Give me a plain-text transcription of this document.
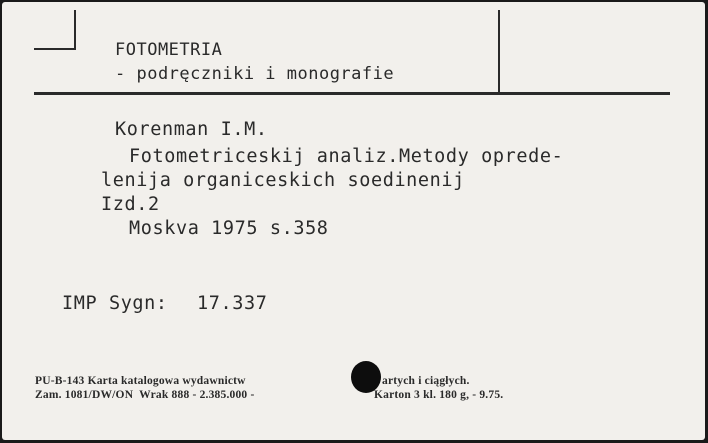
FOTOMETRIA
- podręczniki i monografie
Korenman I.M.
Fotometriceskij analiz.Metody oprede-
lenija organiceskich soedinenij
Izd.2
Moskva 1975 s.358
IMP Sygn: 17.337
PU-B-143 Karta katalogowa wydawnictw	artych i ciągłych.
Zam. 1081/DW/ON  Wrak 888 - 2.385.000 -	Karton 3 kl. 180 g, - 9.75.
